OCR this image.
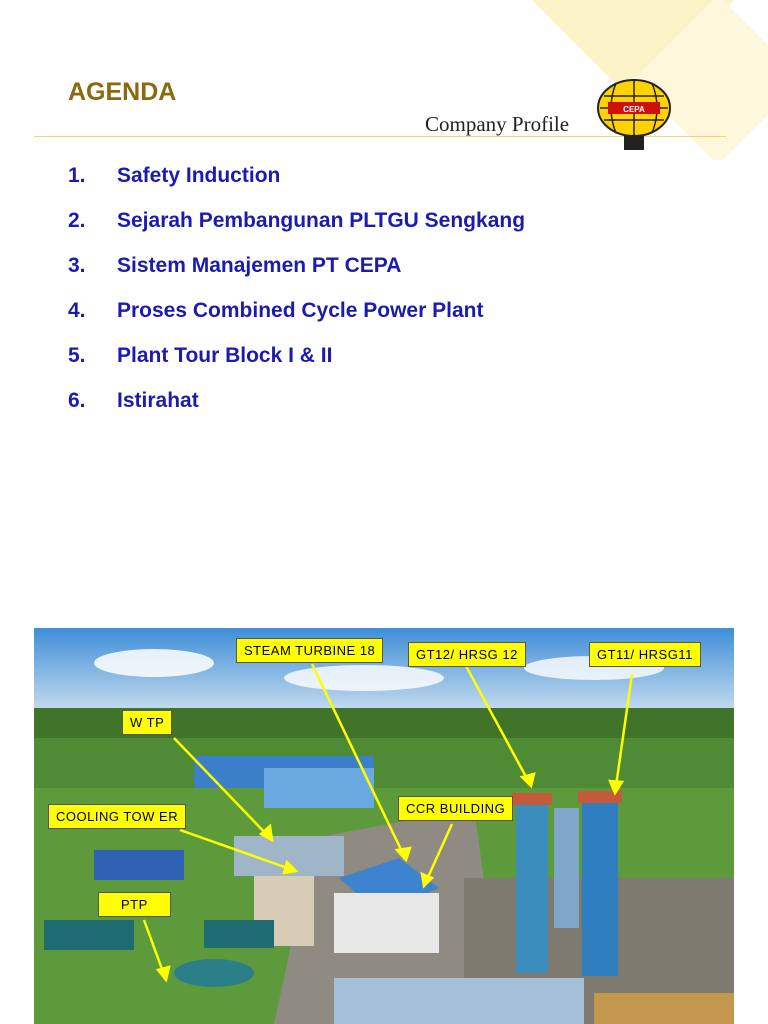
AGENDA
Company Profile
CEPA
1.	Safety Induction
2.	Sejarah Pembangunan PLTGU Sengkang
3.	Sistem Manajemen PT CEPA
4.	Proses Combined Cycle Power Plant
5.	Plant Tour Block I & II
6.	Istirahat
STEAM TURBINE 18	GT12/ HRSG 12	GT11/ HRSG11
W TP
CCR BUILDING
COOLING TOW ER
PTP
